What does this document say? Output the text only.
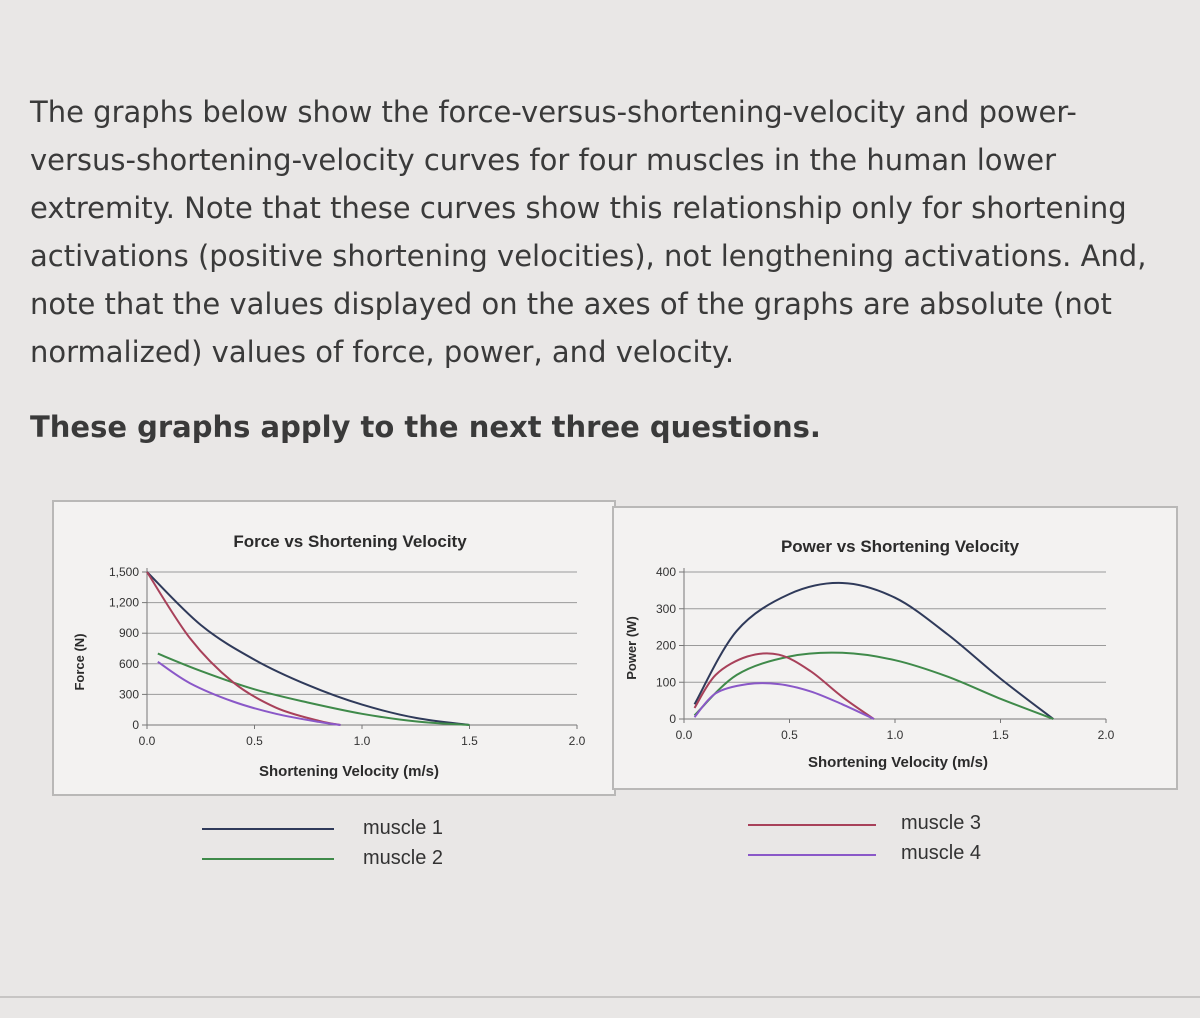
The graphs below show the force-versus-shortening-velocity and power-versus-shortening-velocity curves for four muscles in the human lower extremity. Note that these curves show this relationship only for shortening activations (positive shortening velocities), not lengthening activations. And, note that the values displayed on the axes of the graphs are absolute (not normalized) values of force, power, and velocity.

These graphs apply to the next three questions.

Force vs Shortening Velocity
0
300
600
900
1,200
1,500
0.0	0.5	1.0	1.5	2.0
Shortening Velocity (m/s)
Force (N)
Power vs Shortening Velocity
0
100
200
300
400
0.0	0.5	1.0	1.5	2.0
Shortening Velocity (m/s)
Power (W)
muscle 1
muscle 2
muscle 3
muscle 4
